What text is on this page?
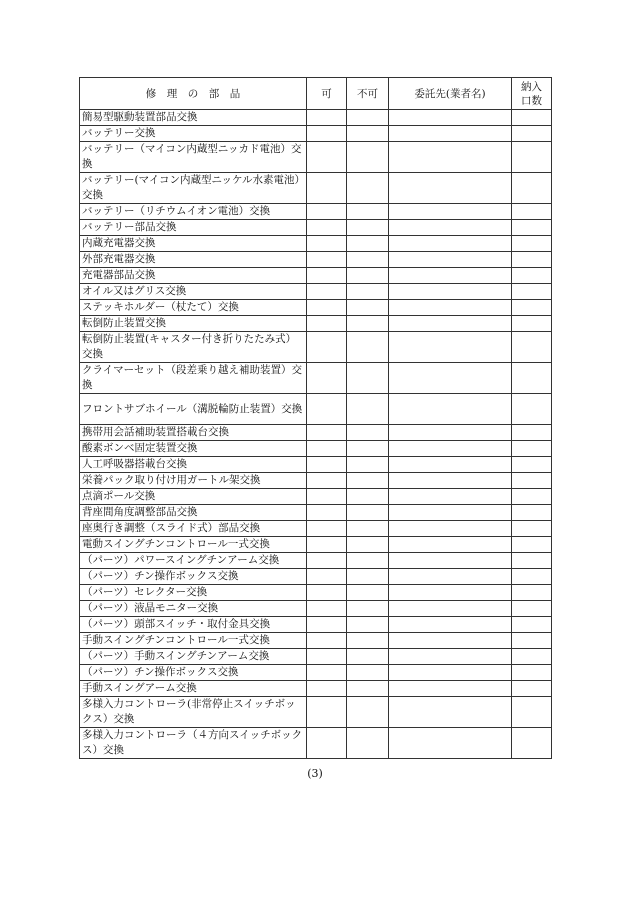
修　理　の　部　品	可	不可	委託先(業者名)	納入
口数
簡易型駆動装置部品交換				
バッテリー交換				
バッテリー（マイコン内蔵型ニッカド電池）交換				
バッテリー(マイコン内蔵型ニッケル水素電池）交換				
バッテリー（リチウムイオン電池）交換				
バッテリー部品交換				
内蔵充電器交換				
外部充電器交換				
充電器部品交換				
オイル又はグリス交換				
ステッキホルダー（杖たて）交換				
転倒防止装置交換				
転倒防止装置(キャスター付き折りたたみ式）交換				
クライマーセット（段差乗り越え補助装置）交換				
フロントサブホイール（溝脱輪防止装置）交換				
携帯用会話補助装置搭載台交換				
酸素ボンベ固定装置交換				
人工呼吸器搭載台交換				
栄養パック取り付け用ガートル架交換				
点滴ポール交換				
背座間角度調整部品交換				
座奥行き調整（スライド式）部品交換				
電動スイングチンコントロール一式交換				
（パーツ）パワースイングチンアーム交換				
（パーツ）チン操作ボックス交換				
（パーツ）セレクター交換				
（パーツ）液晶モニター交換				
（パーツ）頭部スイッチ・取付金具交換				
手動スイングチンコントロール一式交換				
（パーツ）手動スイングチンアーム交換				
（パーツ）チン操作ボックス交換				
手動スイングアーム交換				
多様入力コントローラ(非常停止スイッチボックス）交換				
多様入力コントローラ（４方向スイッチボックス）交換				
(3)
